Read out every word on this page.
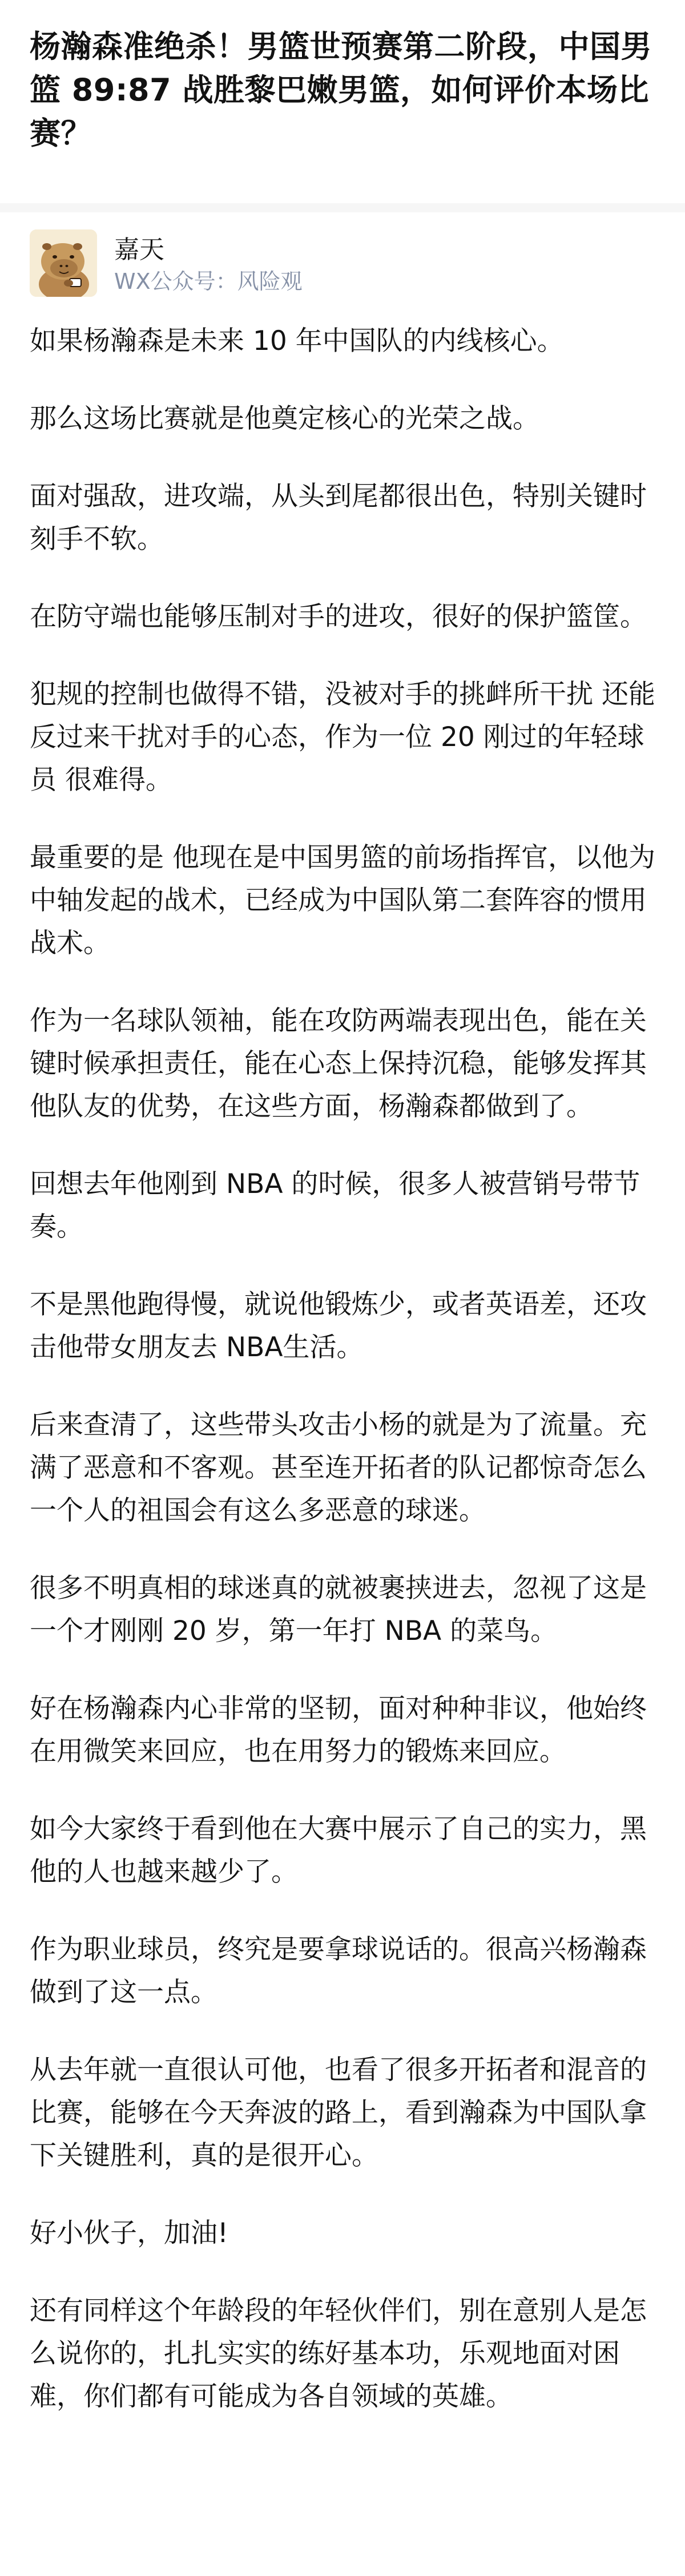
杨瀚森准绝杀！男篮世预赛第二阶段，中国男篮 89:87 战胜黎巴嫩男篮，如何评价本场比赛？
嘉天
WX公众号：风险观

如果杨瀚森是未来 10 年中国队的内线核心。

那么这场比赛就是他奠定核心的光荣之战。

面对强敌，进攻端，从头到尾都很出色，特别关键时刻手不软。

在防守端也能够压制对手的进攻，很好的保护篮筐。

犯规的控制也做得不错，没被对手的挑衅所干扰 还能反过来干扰对手的心态，作为一位 20 刚过的年轻球员 很难得。

最重要的是 他现在是中国男篮的前场指挥官，以他为中轴发起的战术，已经成为中国队第二套阵容的惯用战术。

作为一名球队领袖，能在攻防两端表现出色，能在关键时候承担责任，能在心态上保持沉稳，能够发挥其他队友的优势，在这些方面，杨瀚森都做到了。

回想去年他刚到 NBA 的时候，很多人被营销号带节奏。

不是黑他跑得慢，就说他锻炼少，或者英语差，还攻击他带女朋友去 NBA生活。

后来查清了，这些带头攻击小杨的就是为了流量。充满了恶意和不客观。甚至连开拓者的队记都惊奇怎么一个人的祖国会有这么多恶意的球迷。

很多不明真相的球迷真的就被裹挟进去，忽视了这是一个才刚刚 20 岁，第一年打 NBA 的菜鸟。

好在杨瀚森内心非常的坚韧，面对种种非议，他始终在用微笑来回应，也在用努力的锻炼来回应。

如今大家终于看到他在大赛中展示了自己的实力，黑他的人也越来越少了。

作为职业球员，终究是要拿球说话的。很高兴杨瀚森做到了这一点。

从去年就一直很认可他，也看了很多开拓者和混音的比赛，能够在今天奔波的路上，看到瀚森为中国队拿下关键胜利，真的是很开心。

好小伙子，加油!

还有同样这个年龄段的年轻伙伴们，别在意别人是怎么说你的，扎扎实实的练好基本功，乐观地面对困难，你们都有可能成为各自领域的英雄。
